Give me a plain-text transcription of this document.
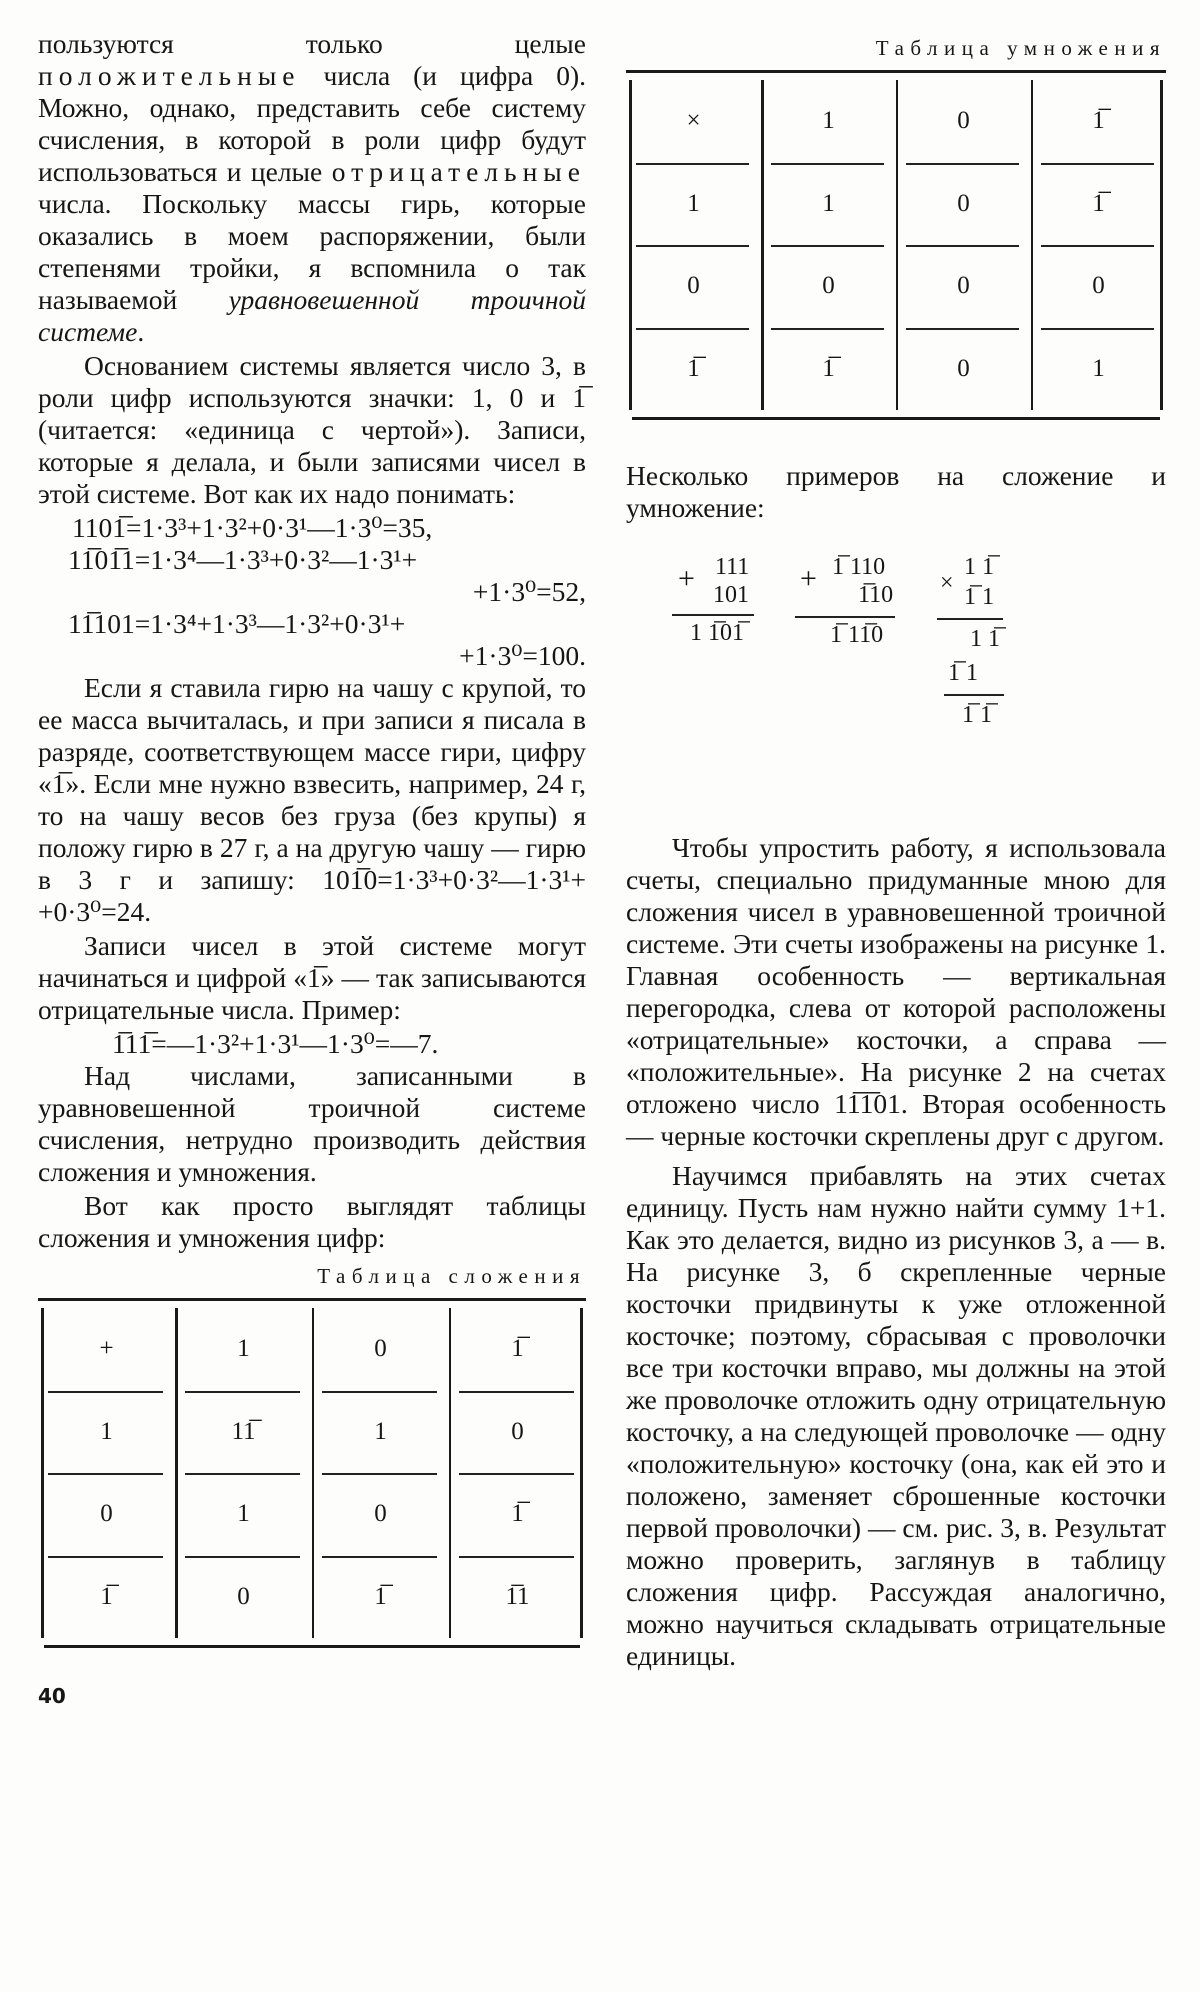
пользуются только целые положительные числа (и цифра 0). Можно, однако, представить себе систему счисления, в которой в роли цифр будут использоваться и целые отрицательные числа. Поскольку массы гирь, которые оказались в моем распоряжении, были степенями тройки, я вспомнила о так называемой уравновешенной троичной системе.
Основанием системы является число 3, в роли цифр используются значки: 1, 0 и 1̅ (читается: «единица с чертой»). Записи, которые я делала, и были записями чисел в этой системе. Вот как их надо понимать:
1101̅=1·3³+1·3²+0·3¹—1·3⁰=35,
11̅01̅1=1·3⁴—1·3³+0·3²—1·3¹+
+1·3⁰=52,
11̅101=1·3⁴+1·3³—1·3²+0·3¹+
+1·3⁰=100.
Если я ставила гирю на чашу с крупой, то ее масса вычиталась, и при записи я писала в разряде, соответствующем массе гири, цифру «1̅». Если мне нужно взвесить, например, 24 г, то на чашу весов без груза (без крупы) я положу гирю в 27 г, а на другую чашу — гирю в 3 г и запишу: 101̅0=1·3³+0·3²—1·3¹+ +0·3⁰=24.
Записи чисел в этой системе могут начинаться и цифрой «1̅» — так записываются отрицательные числа. Пример:
1̅11̅=—1·3²+1·3¹—1·3⁰=—7.
Над числами, записанными в уравновешенной троичной системе счисления, нетрудно производить действия сложения и умножения.
Вот как просто выглядят таблицы сложения и умножения цифр:
Таблица сложения
+	1	0	1̅
1	11̅	1	0
0	1	0	1̅
1̅	0	1̅	1̅1
40
Таблица умножения
×	1	0	1̅
1	1	0	1̅
0	0	0	0
1̅	1̅	0	1
Несколько примеров на сложение и умножение:
+ 111
101
1 1̅01̅
+ 1̅ 110
1̅10
1̅ 11̅0
×
1 1̅
1̅ 1
1 1̅
1̅ 1
1̅ 1̅
Чтобы упростить работу, я использовала счеты, специально придуманные мною для сложения чисел в уравновешенной троичной системе. Эти счеты изображены на рисунке 1. Главная особенность — вертикальная перегородка, слева от которой расположены «отрицательные» косточки, а справа — «положительные». На рисунке 2 на счетах отложено число 11̅1̅01. Вторая особенность — черные косточки скреплены друг с другом.
Научимся прибавлять на этих счетах единицу. Пусть нам нужно найти сумму 1+1. Как это делается, видно из рисунков 3, а — в. На рисунке 3, б скрепленные черные косточки придвинуты к уже отложенной косточке; поэтому, сбрасывая с проволочки все три косточки вправо, мы должны на этой же проволочке отложить одну отрицательную косточку, а на следующей проволочке — одну «положительную» косточку (она, как ей это и положено, заменяет сброшенные косточки первой проволочки) — см. рис. 3, в. Результат можно проверить, заглянув в таблицу сложения цифр. Рассуждая аналогично, можно научиться складывать отрицательные единицы.
